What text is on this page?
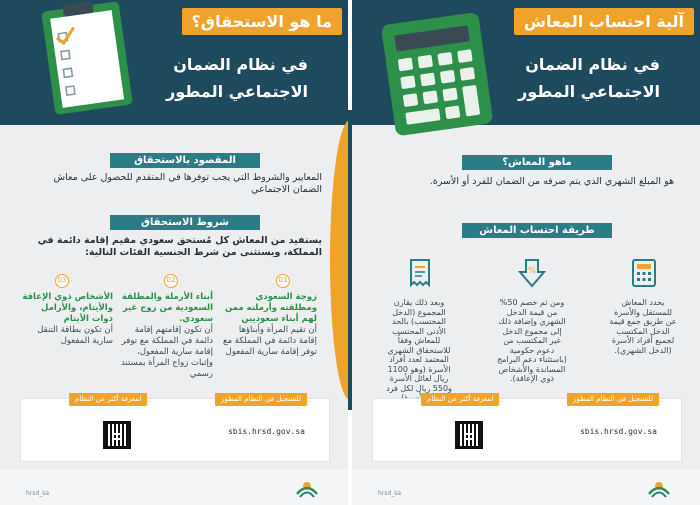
ما هو الاستحقاق؟
في نظام الضمان
الاجتماعي المطور
المقصود بالاستحقاق
المعايير والشروط التي يجب توفرها في المتقدم للحصول على معاش الضمان الاجتماعي
شروط الاستحقاق
يستفيد من المعاش كل مُستحق سعودي مقيم إقامة دائمة في المملكة، ويستثنى من شرط الجنسية الفئات التالية:
01
زوجة السعودي ومطلقته وأرملته ممن لهم أبناء سعوديين
أن تقيم المرأة وأبناؤها إقامة دائمة في المملكة مع توفر إقامة سارية المفعول
02
أبناء الأرملة والمطلقة السعودية من زوج غير سعودي.
أن تكون إقامتهم إقامة دائمة في المملكة مع توفر إقامة سارية المفعول، وإثبات زواج المرأة بمستند رسمي
03
الأشخاص ذوي الإعاقة والأيتام، والأرامل ذوات الأيتام
أن تكون بطاقة التنقل سارية المفعول
للتسجيل في النظام المطور
لمعرفة أكثر عن النظام
sbis.hrsd.gov.sa
hrsd_sa
آلية احتساب المعاش
في نظام الضمان
الاجتماعي المطور
ماهو المعاش؟
هو المبلغ الشهري الذي يتم صرفه من الضمان للفرد أو الأسرة.
طريقة احتساب المعاش
%
يحدد المعاش للمستقل والأسرة عن طريق جمع قيمة الدخل المكتسب لجميع أفراد الأسرة (الدخل الشهري).
ومن ثم خصم 50% من قيمة الدخل الشهري وإضافة ذلك إلى مجموع الدخل غير المكتسب من دعوم حكومية (باستثناء دعم البرامج المساندة والأشخاص ذوي الإعاقة).
وبعد ذلك يقارن المجموع (الدخل المحتسب) بالحد الأدنى المحتسب للمعاش وفقاً للاستحقاق الشهري المعتمد لعدد أفراد الأسرة (وهو 1100 ريال لعائل الأسرة و550 ريال لكل فرد
للتسجيل في النظام المطور
لمعرفة أكثر عن النظام
sbis.hrsd.gov.sa
hrsd_sa
